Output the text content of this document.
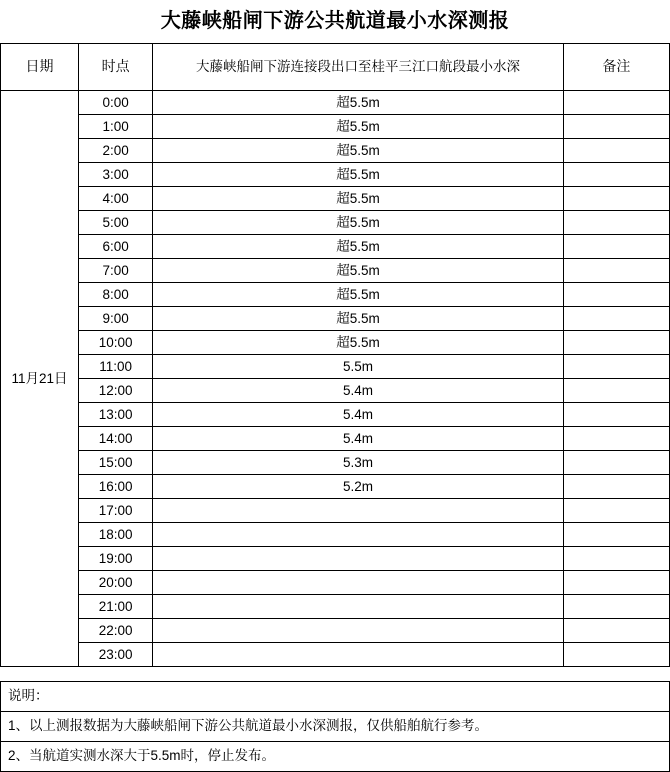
大藤峡船闸下游公共航道最小水深测报
日期	时点	大藤峡船闸下游连接段出口至桂平三江口航段最小水深	备注
11月21日	0:00	超5.5m	
	1:00	超5.5m	
	2:00	超5.5m	
	3:00	超5.5m	
	4:00	超5.5m	
	5:00	超5.5m	
	6:00	超5.5m	
	7:00	超5.5m	
	8:00	超5.5m	
	9:00	超5.5m	
	10:00	超5.5m	
	11:00	5.5m	
	12:00	5.4m	
	13:00	5.4m	
	14:00	5.4m	
	15:00	5.3m	
	16:00	5.2m	
	17:00		
	18:00		
	19:00		
	20:00		
	21:00		
	22:00		
	23:00		
说明：
1、以上测报数据为大藤峡船闸下游公共航道最小水深测报，仅供船舶航行参考。
2、当航道实测水深大于5.5m时，停止发布。
